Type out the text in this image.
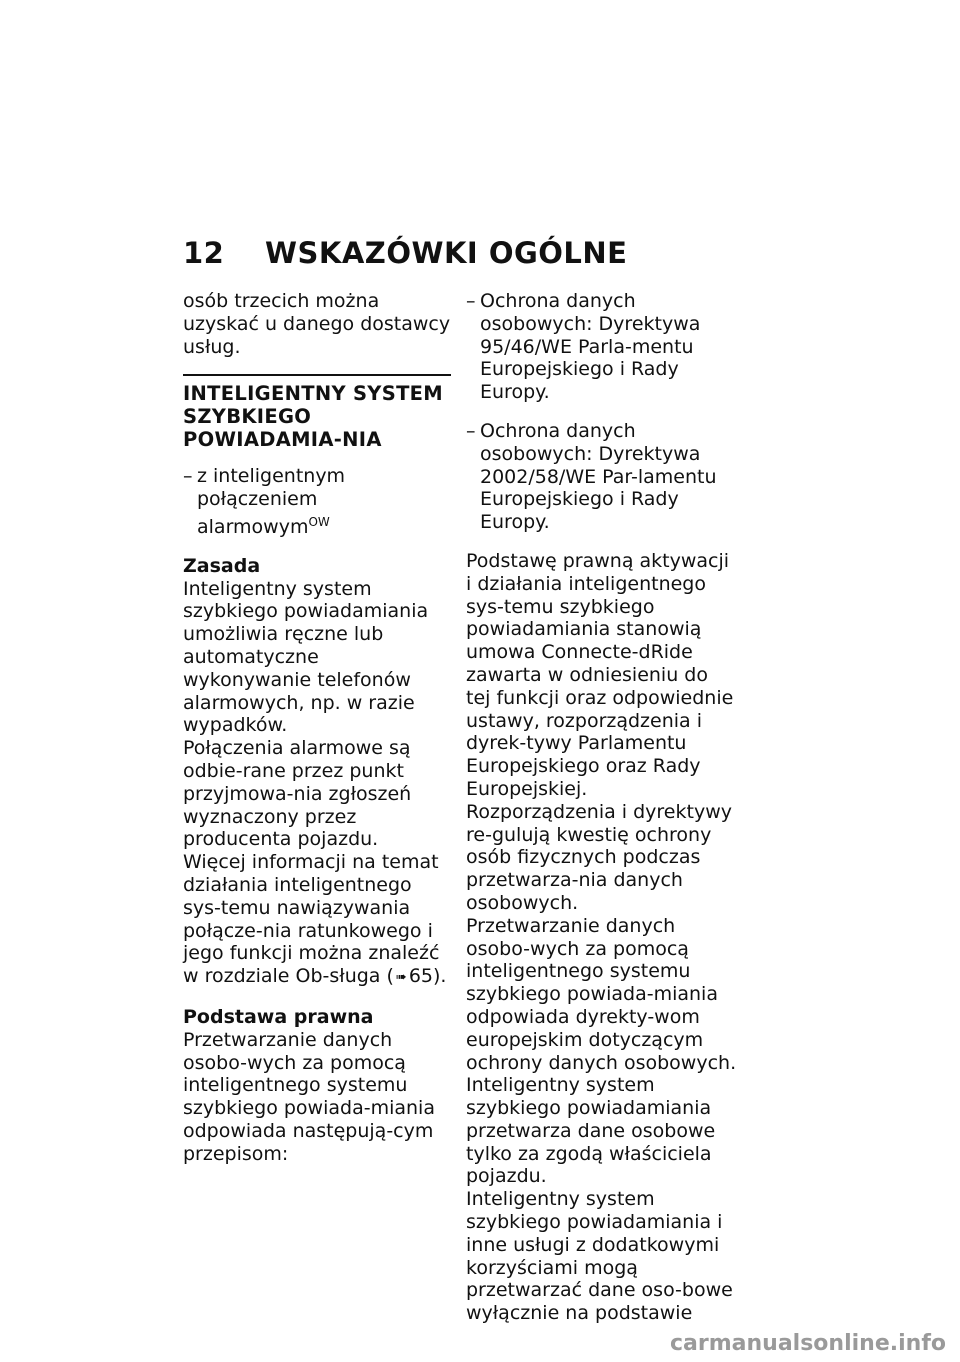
12 WSKAZÓWKI OGÓLNE

osób trzecich można uzyskać u danego dostawcy usług.

INTELIGENTNY SYSTEM SZYBKIEGO POWIADAMIA-NIA
– z inteligentnym połączeniem alarmowym$^{OW}$
Zasada

Inteligentny system szybkiego powiadamiania umożliwia ręczne lub automatyczne wykonywanie telefonów alarmowych, np. w razie wypadków.

Połączenia alarmowe są odbie-rane przez punkt przyjmowa-nia zgłoszeń wyznaczony przez producenta pojazdu.

Więcej informacji na temat działania inteligentnego sys-temu nawiązywania połącze-nia ratunkowego i jego funkcji można znaleźć w rozdziale Ob-sługa ( ➠ 65).

Podstawa prawna

Przetwarzanie danych osobo-wych za pomocą inteligentnego systemu szybkiego powiada-miania odpowiada następują-cym przepisom:

– Ochrona danych osobowych: Dyrektywa 95/46/WE Parla-mentu Europejskiego i Rady Europy.
– Ochrona danych osobowych: Dyrektywa 2002/58/WE Par-lamentu Europejskiego i Rady Europy.

Podstawę prawną aktywacji i działania inteligentnego sys-temu szybkiego powiadamiania stanowią umowa Connecte-dRide zawarta w odniesieniu do tej funkcji oraz odpowiednie ustawy, rozporządzenia i dyrek-tywy Parlamentu Europejskiego oraz Rady Europejskiej.

Rozporządzenia i dyrektywy re-gulują kwestię ochrony osób fizycznych podczas przetwarza-nia danych osobowych.

Przetwarzanie danych osobo-wych za pomocą inteligentnego systemu szybkiego powiada-miania odpowiada dyrekty-wom europejskim dotyczącym ochrony danych osobowych.

Inteligentny system szybkiego powiadamiania przetwarza dane osobowe tylko za zgodą właściciela pojazdu.

Inteligentny system szybkiego powiadamiania i inne usługi z dodatkowymi korzyściami mogą przetwarzać dane oso-bowe wyłącznie na podstawie

carmanualsonline.info
